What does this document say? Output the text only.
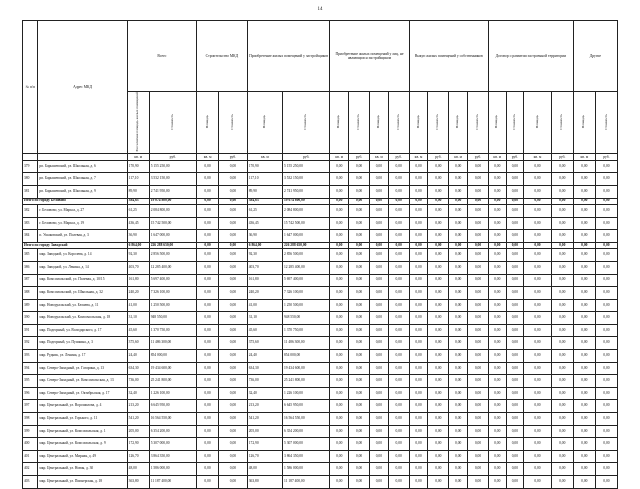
14
№ п/п	Адрес МКД	Всего		Строительство МКД		Приобретение жилых помещений у застройщиков		Приобретение жилых помещений у лиц, не являющихся застройщиком				Выкуп жилых помещений у собственников				Договор о развитии застроенной территории				Другие	
		Расселяемая площадь жилых помещений	Стоимость	Площадь	Стоимость	Площадь	Стоимость	Площадь	Стоимость	Площадь	Стоимость	Площадь	Стоимость	Площадь	Стоимость	Площадь	Стоимость	Площадь	Стоимость	Площадь	Стоимость
		кв. м	руб.	кв. м	руб.	кв. м	руб.	кв. м	руб.	кв. м	руб.	кв. м	руб.	кв. м	руб.	кв. м	руб.	кв. м	руб.	кв. м	руб.
379	рп. Барышевский, ул. Школьная, д. 6	170,90	5 155 250,00	0,00	0,00	170,90	5 155 250,00	0,00	0,00	0,00	0,00	0,00	0,00	0,00	0,00	0,00	0,00	0,00	0,00	0,00	0,00
380	рп. Барышевский, ул. Школьная, д. 7	117,10	3 532 150,00	0,00	0,00	117,10	3 532 150,00	0,00	0,00	0,00	0,00	0,00	0,00	0,00	0,00	0,00	0,00	0,00	0,00	0,00	0,00
381	рп. Барышевский, ул. Школьная, д. 9	89,90	2 741 950,00	0,00	0,00	89,90	2 741 950,00	0,00	0,00	0,00	0,00	0,00	0,00	0,00	0,00	0,00	0,00	0,00	0,00	0,00	0,00
Итого по городу Беловово		384,63	19 074 800,00	0,00	0,00	384,63	19 074 800,00	0,00	0,00	0,00	0,00	0,00	0,00	0,00	0,00	0,00	0,00	0,00	0,00	0,00	0,00
382	г. Беловово, ул. Маркса, д. 27	61,25	2 084 800,00	0,00	0,00	61,25	2 084 800,00	0,00	0,00	0,00	0,00	0,00	0,00	0,00	0,00	0,00	0,00	0,00	0,00	0,00	0,00
383	г. Беловово, ул. Маркса, д. 19	436,45	15 742 500,00	0,00	0,00	436,45	15 742 500,00	0,00	0,00	0,00	0,00	0,00	0,00	0,00	0,00	0,00	0,00	0,00	0,00	0,00	0,00
384	п. Ушаковский, ул. Полевая, д. 3	36,90	1 647 000,00	0,00	0,00	36,90	1 647 000,00	0,00	0,00	0,00	0,00	0,00	0,00	0,00	0,00	0,00	0,00	0,00	0,00	0,00	0,00
Итого по городу Заводской		6 864,00	226 288 650,00	0,00	0,00	6 864,00	226 288 650,00	0,00	0,00	0,00	0,00	0,00	0,00	0,00	0,00	0,00	0,00	0,00	0,00	0,00	0,00
385	мкр. Заводной, ул. Королева, д. 14	92,30	2 856 500,00	0,00	0,00	92,30	2 856 500,00	0,00	0,00	0,00	0,00	0,00	0,00	0,00	0,00	0,00	0,00	0,00	0,00	0,00	0,00
386	мкр. Заводной, ул. Ленина, д. 14	403,70	12 285 400,00	0,00	0,00	403,70	12 285 400,00	0,00	0,00	0,00	0,00	0,00	0,00	0,00	0,00	0,00	0,00	0,00	0,00	0,00	0,00
387	мкр. Комсомольский, ул. Полевая, д. 10/15	161,80	5 697 400,00	0,00	0,00	161,80	5 697 400,00	0,00	0,00	0,00	0,00	0,00	0,00	0,00	0,00	0,00	0,00	0,00	0,00	0,00	0,00
388	мкр. Комсомольский, ул. Школьная, д. 32	240,20	7 326 100,00	0,00	0,00	240,20	7 326 100,00	0,00	0,00	0,00	0,00	0,00	0,00	0,00	0,00	0,00	0,00	0,00	0,00	0,00	0,00
389	мкр. Новоуральский, ул. Беляева, д. 11	41,00	1 250 500,00	0,00	0,00	41,00	1 250 500,00	0,00	0,00	0,00	0,00	0,00	0,00	0,00	0,00	0,00	0,00	0,00	0,00	0,00	0,00
390	мкр. Новоуральский, ул. Комсомольская, д. 18	31,10	948 550,00	0,00	0,00	31,10	948 550,00	0,00	0,00	0,00	0,00	0,00	0,00	0,00	0,00	0,00	0,00	0,00	0,00	0,00	0,00
391	мкр. Подгорный, ул. Володарского, д. 17	45,60	1 370 750,00	0,00	0,00	45,60	1 370 750,00	0,00	0,00	0,00	0,00	0,00	0,00	0,00	0,00	0,00	0,00	0,00	0,00	0,00	0,00
392	мкр. Подгорный, ул. Пушкина, д. 3	375,60	11 486 300,00	0,00	0,00	375,60	11 486 300,00	0,00	0,00	0,00	0,00	0,00	0,00	0,00	0,00	0,00	0,00	0,00	0,00	0,00	0,00
393	мкр. Рудник, ул. Ленина, д. 17	24,40	854 000,00	0,00	0,00	24,40	854 000,00	0,00	0,00	0,00	0,00	0,00	0,00	0,00	0,00	0,00	0,00	0,00	0,00	0,00	0,00
394	мкр. Северо-Западный, ул. Гагарина, д. 13	634,30	19 434 600,00	0,00	0,00	634,30	19 434 600,00	0,00	0,00	0,00	0,00	0,00	0,00	0,00	0,00	0,00	0,00	0,00	0,00	0,00	0,00
395	мкр. Северо-Западный, ул. Комсомольская, д. 13	736,00	25 241 800,00	0,00	0,00	736,00	25 241 800,00	0,00	0,00	0,00	0,00	0,00	0,00	0,00	0,00	0,00	0,00	0,00	0,00	0,00	0,00
396	мкр. Северо-Западный, ул. Октябрьская, д. 17	32,40	1 226 100,00	0,00	0,00	32,40	1 226 100,00	0,00	0,00	0,00	0,00	0,00	0,00	0,00	0,00	0,00	0,00	0,00	0,00	0,00	0,00
397	мкр. Центральный, ул. Ворошилова, д. 4	213,20	6 645 950,00	0,00	0,00	213,20	6 645 950,00	0,00	0,00	0,00	0,00	0,00	0,00	0,00	0,00	0,00	0,00	0,00	0,00	0,00	0,00
398	мкр. Центральный, ул. Горького, д. 11	541,20	16 564 550,00	0,00	0,00	541,20	16 564 550,00	0,00	0,00	0,00	0,00	0,00	0,00	0,00	0,00	0,00	0,00	0,00	0,00	0,00	0,00
399	мкр. Центральный, ул. Комсомольская, д. 1	205,00	6 354 200,00	0,00	0,00	205,00	6 354 200,00	0,00	0,00	0,00	0,00	0,00	0,00	0,00	0,00	0,00	0,00	0,00	0,00	0,00	0,00
400	мкр. Центральный, ул. Комсомольская, д. 9	172,90	5 307 000,00	0,00	0,00	172,90	5 307 000,00	0,00	0,00	0,00	0,00	0,00	0,00	0,00	0,00	0,00	0,00	0,00	0,00	0,00	0,00
401	мкр. Центральный, ул. Мирная, д. 49	126,70	3 864 350,00	0,00	0,00	126,70	3 864 350,00	0,00	0,00	0,00	0,00	0,00	0,00	0,00	0,00	0,00	0,00	0,00	0,00	0,00	0,00
402	мкр. Центральный, ул. Новая, д. 30	48,00	1 586 000,00	0,00	0,00	48,00	1 586 000,00	0,00	0,00	0,00	0,00	0,00	0,00	0,00	0,00	0,00	0,00	0,00	0,00	0,00	0,00
403	мкр. Центральный, ул. Пионерская, д. 18	363,80	11 187 400,00	0,00	0,00	363,80	11 187 400,00	0,00	0,00	0,00	0,00	0,00	0,00	0,00	0,00	0,00	0,00	0,00	0,00	0,00	0,00
